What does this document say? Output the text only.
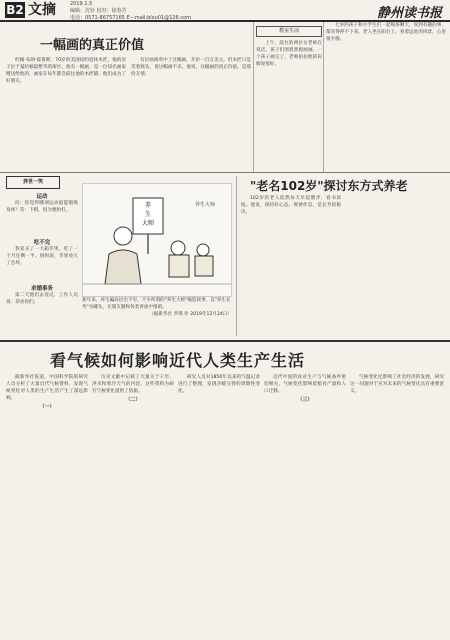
B2 文摘	2019.1.5
编辑：沈铃 校对：徐春芳
电话：0571-86757165 E—mail:blxu01@126.com	静州读书报
一幅画的真正价值

约翰·布朗·霍鲁斯，70岁的美国纽约退休木匠，他的房子位于曼哈顿最繁华的街区。他有一幅画，是一位知名画家赠送给他的，画家在每年都会前往他的木匠铺，他们成为了好朋友。

有位画商看中了这幅画，开价一百万美元。但木匠只是笑着摇头，说这幅画不卖。他说，这幅画的真正价值，是那份友情。

教室生活

上午，前台的两位女老师在说话，孩子们围着黑板画画。一个孩子画完了，老师拍拍他的肩膀说很好。

七岁的孩子和小学生们一起喝茶聊天，说到有趣的事，都笑得停不下来。老人坐在阳台上，看着远处的风景，心里很平静。

养世一笑
运动

问：你觉得哪项运动最能锻炼身体？答：下棋，因为要抬杠。

吃不完

我家买了一大箱苹果，吃了一个月还剩一半。妈妈说，苹果放久了会坏。

求婚事务

第二天他们去登记，工作人员说：恭喜你们。

养
生
大师
养生大师
新年来，养生骗局层出不穷。不少所谓的"养生大师"编造故事，以"养生长寿"为噱头，在朋友圈和各类讲座中推销。
（据新华社 罗琪 作 2019年12月24日）
"老名102岁"探讨东方式养老

102岁的老人依然每天早起散步，看书读报。他说，保持好心态、规律作息，是长寿的秘诀。

看气候如何影响近代人类生产生活

据新华社报道，中国科学院的研究人员分析了大量近代气候资料，发现气候变化对人类的生产生活产生了深远影响。

（一）

历史文献中记载了大量关于干旱、洪水和寒冷天气的内容，这些资料为研究气候变化提供了依据。

（二）

研究人员对1850年以来的气温记录进行了整理，发现冷暖交替的周期性变化。

近代中国的农业生产与气候条件密切相关，气候变化影响着粮食产量和人口迁移。

（三）

气候变化还影响了社会经济的发展，研究这一问题对于应对未来的气候变化具有重要意义。
